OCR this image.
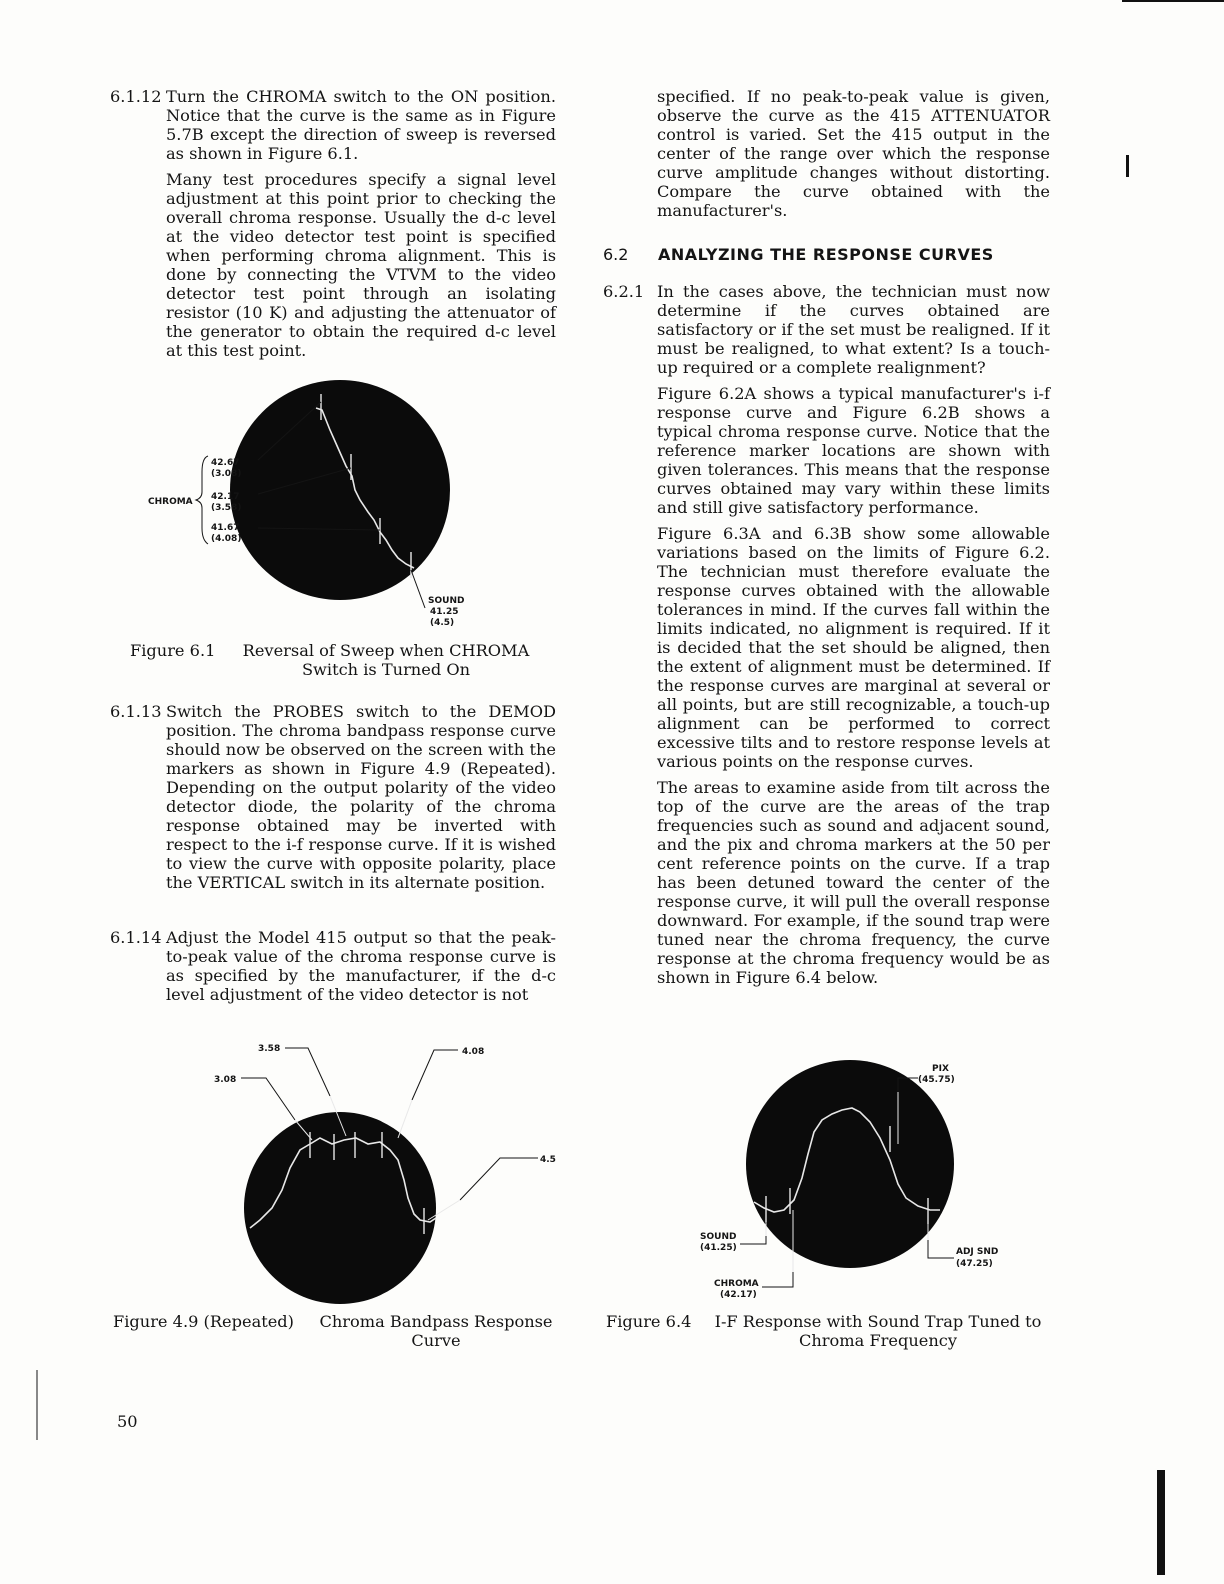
6.1.12 Turn the CHROMA switch to the ON position. Notice that the curve is the same as in Figure 5.7B except the direction of sweep is reversed as shown in Figure 6.1.

Many test procedures specify a signal level adjustment at this point prior to checking the overall chroma response. Usually the d-c level at the video detector test point is specified when performing chroma alignment. This is done by connecting the VTVM to the video detector test point through an isolating resistor (10 K) and adjusting the attenuator of the generator to obtain the required d-c level at this test point.

CHROMA
42.67
(3.08)
42.17
(3.58)
41.67
(4.08)
SOUND
41.25
(4.5)
Figure 6.1	Reversal of Sweep when CHROMA
Switch is Turned On
6.1.13 Switch the PROBES switch to the DEMOD position. The chroma bandpass response curve should now be observed on the screen with the markers as shown in Figure 4.9 (Repeated). Depending on the output polarity of the video detector diode, the polarity of the chroma response obtained may be inverted with respect to the i-f response curve. If it is wished to view the curve with opposite polarity, place the VERTICAL switch in its alternate position.

6.1.14 Adjust the Model 415 output so that the peak-to-peak value of the chroma response curve is as specified by the manufacturer, if the d-c level adjustment of the video detector is not

specified. If no peak-to-peak value is given, observe the curve as the 415 ATTENUATOR control is varied. Set the 415 output in the center of the range over which the response curve amplitude changes without distorting. Compare the curve obtained with the manufacturer's.

6.2 ANALYZING THE RESPONSE CURVES
6.2.1 In the cases above, the technician must now determine if the curves obtained are satisfactory or if the set must be realigned. If it must be realigned, to what extent? Is a touch-up required or a complete realignment?

Figure 6.2A shows a typical manufacturer's i-f response curve and Figure 6.2B shows a typical chroma response curve. Notice that the reference marker locations are shown with given tolerances. This means that the response curves obtained may vary within these limits and still give satisfactory performance.

Figure 6.3A and 6.3B show some allowable variations based on the limits of Figure 6.2. The technician must therefore evaluate the response curves obtained with the allowable tolerances in mind. If the curves fall within the limits indicated, no alignment is required. If it is decided that the set should be aligned, then the extent of alignment must be determined. If the response curves are marginal at several or all points, but are still recognizable, a touch-up alignment can be performed to correct excessive tilts and to restore response levels at various points on the response curves.

The areas to examine aside from tilt across the top of the curve are the areas of the trap frequencies such as sound and adjacent sound, and the pix and chroma markers at the 50 per cent reference points on the curve. If a trap has been detuned toward the center of the response curve, it will pull the overall response downward. For example, if the sound trap were tuned near the chroma frequency, the curve response at the chroma frequency would be as shown in Figure 6.4 below.

3.58
3.08
4.08
4.5
Figure 4.9 (Repeated)	Chroma Bandpass Response
Curve
PIX
(45.75)
SOUND
(41.25)
CHROMA
(42.17)
ADJ SND
(47.25)
Figure 6.4	I-F Response with Sound Trap Tuned to
Chroma Frequency
50
